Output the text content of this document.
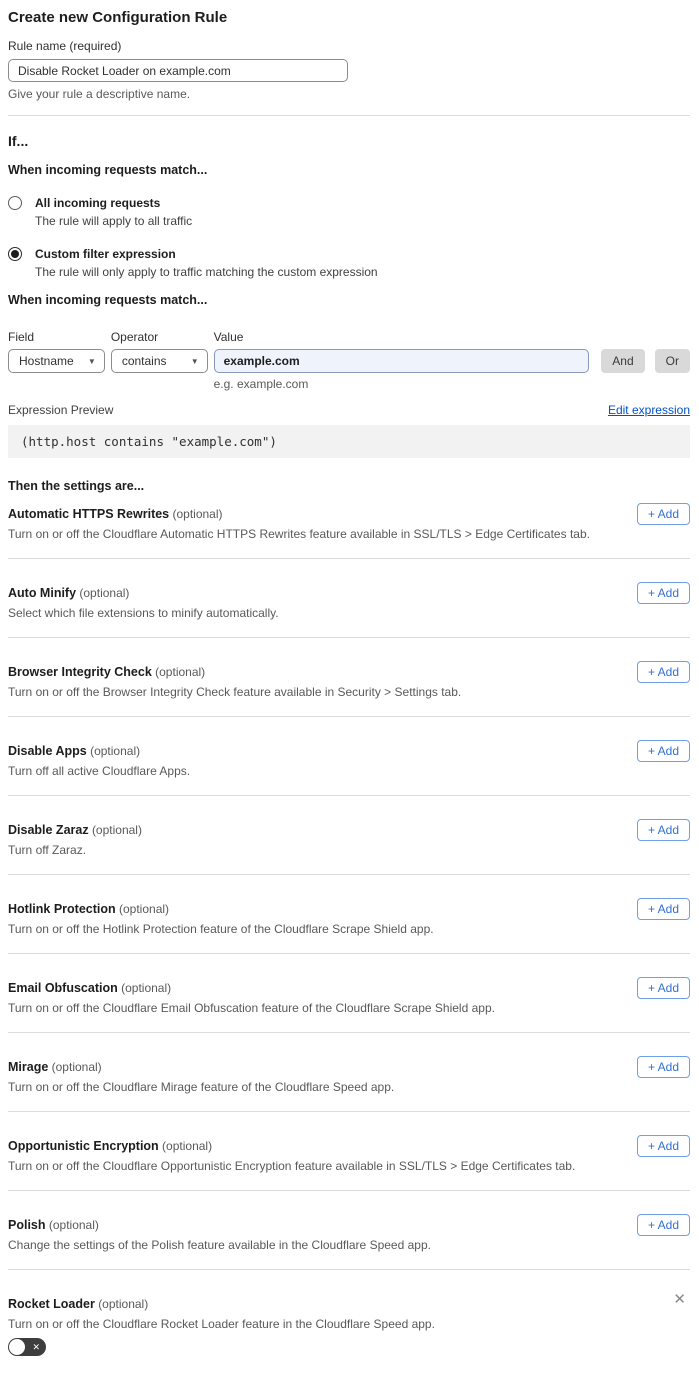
Create new Configuration Rule
Rule name (required)
Disable Rocket Loader on example.com
Give your rule a descriptive name.
If...
When incoming requests match...
All incoming requests
The rule will apply to all traffic
Custom filter expression
The rule will only apply to traffic matching the custom expression
When incoming requests match...
Field
Hostname ▼
Operator
contains	▼
Value
example.com
e.g. example.com
And	Or
Expression Preview	Edit expression
(http.host contains "example.com")
Then the settings are...
Automatic HTTPS Rewrites (optional)
Turn on or off the Cloudflare Automatic HTTPS Rewrites feature available in SSL/TLS > Edge Certificates tab.
+ Add
Auto Minify (optional)
Select which file extensions to minify automatically.
+ Add
Browser Integrity Check (optional)
Turn on or off the Browser Integrity Check feature available in Security > Settings tab.
+ Add
Disable Apps (optional)
Turn off all active Cloudflare Apps.
+ Add
Disable Zaraz (optional)
Turn off Zaraz.
+ Add
Hotlink Protection (optional)
Turn on or off the Hotlink Protection feature of the Cloudflare Scrape Shield app.
+ Add
Email Obfuscation (optional)
Turn on or off the Cloudflare Email Obfuscation feature of the Cloudflare Scrape Shield app.
+ Add
Mirage (optional)
Turn on or off the Cloudflare Mirage feature of the Cloudflare Speed app.
+ Add
Opportunistic Encryption (optional)
Turn on or off the Cloudflare Opportunistic Encryption feature available in SSL/TLS > Edge Certificates tab.
+ Add
Polish (optional)
Change the settings of the Polish feature available in the Cloudflare Speed app.
+ Add
Rocket Loader (optional)
Turn on or off the Cloudflare Rocket Loader feature in the Cloudflare Speed app.
✕
✕
